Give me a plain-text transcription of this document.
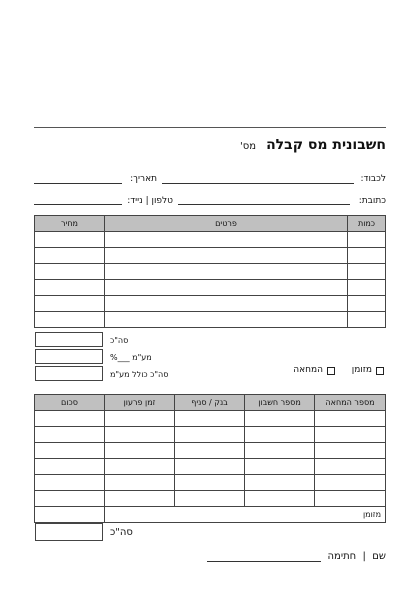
חשבונית מס קבלה
מס'
לכבוד:
תאריך:
כתובת:
טלפון | נייד:
כמות	פרטים	מחיר

סה"כ
מע"מ ___%
סה"כ כולל מע"מ	מזומן
המחאה
מספר המחאה	מספר חשבון	בנק / סניף	זמן פרעון	סכום

מזומן				
סה"כ
שם  |  חתימה
